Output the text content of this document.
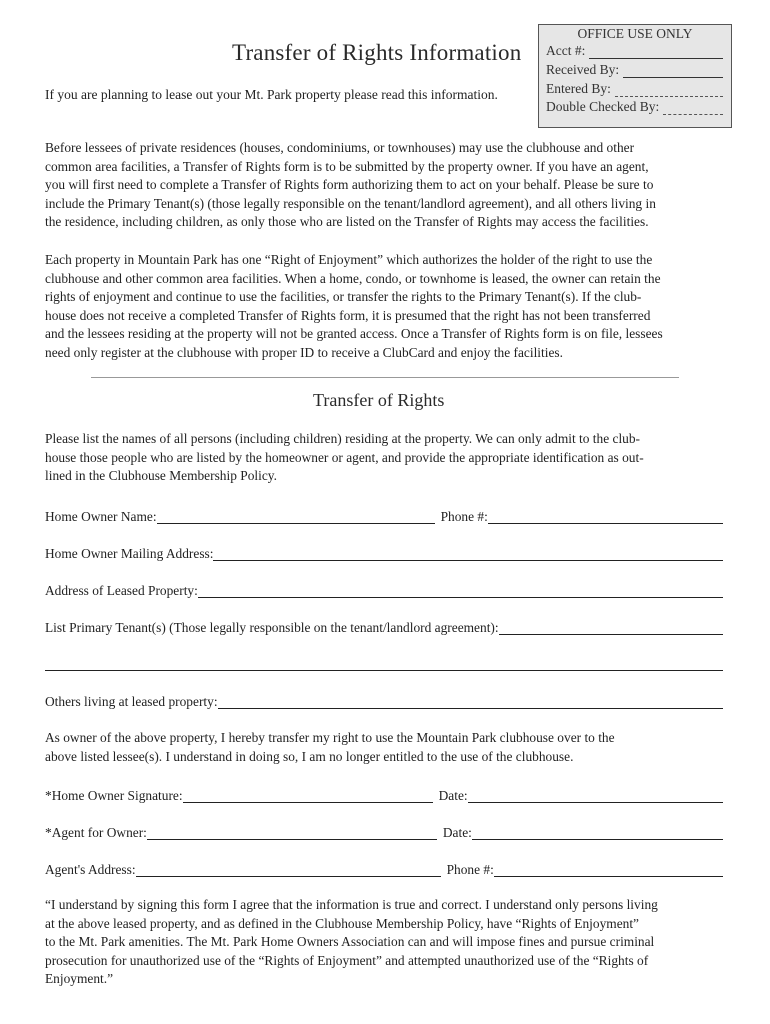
Transfer of Rights Information
OFFICE USE ONLY
Acct #:
Received By:
Entered By:
Double Checked By:
If you are planning to lease out your Mt. Park property please read this information.
Before lessees of private residences (houses, condominiums, or townhouses) may use the clubhouse and other
common area facilities, a Transfer of Rights form is to be submitted by the property owner. If you have an agent,
you will first need to complete a Transfer of Rights form authorizing them to act on your behalf. Please be sure to
include the Primary Tenant(s) (those legally responsible on the tenant/landlord agreement), and all others living in
the residence, including children, as only those who are listed on the Transfer of Rights may access the facilities.
Each property in Mountain Park has one “Right of Enjoyment” which authorizes the holder of the right to use the
clubhouse and other common area facilities. When a home, condo, or townhome is leased, the owner can retain the
rights of enjoyment and continue to use the facilities, or transfer the rights to the Primary Tenant(s). If the club-
house does not receive a completed Transfer of Rights form, it is presumed that the right has not been transferred
and the lessees residing at the property will not be granted access. Once a Transfer of Rights form is on file, lessees
need only register at the clubhouse with proper ID to receive a ClubCard and enjoy the facilities.
Transfer of Rights
Please list the names of all persons (including children) residing at the property. We can only admit to the club-
house those people who are listed by the homeowner or agent, and provide the appropriate identification as out-
lined in the Clubhouse Membership Policy.
Home Owner Name:	Phone #:
Home Owner Mailing Address:
Address of Leased Property:
List Primary Tenant(s) (Those legally responsible on the tenant/landlord agreement):
Others living at leased property:
As owner of the above property, I hereby transfer my right to use the Mountain Park clubhouse over to the
above listed lessee(s). I understand in doing so, I am no longer entitled to the use of the clubhouse.
*Home Owner Signature:	Date:
*Agent for Owner:	Date:
Agent's Address:	Phone #:
“I understand by signing this form I agree that the information is true and correct. I understand only persons living
at the above leased property, and as defined in the Clubhouse Membership Policy, have “Rights of Enjoyment”
to the Mt. Park amenities. The Mt. Park Home Owners Association can and will impose fines and pursue criminal
prosecution for unauthorized use of the “Rights of Enjoyment” and attempted unauthorized use of the “Rights of
Enjoyment.”
